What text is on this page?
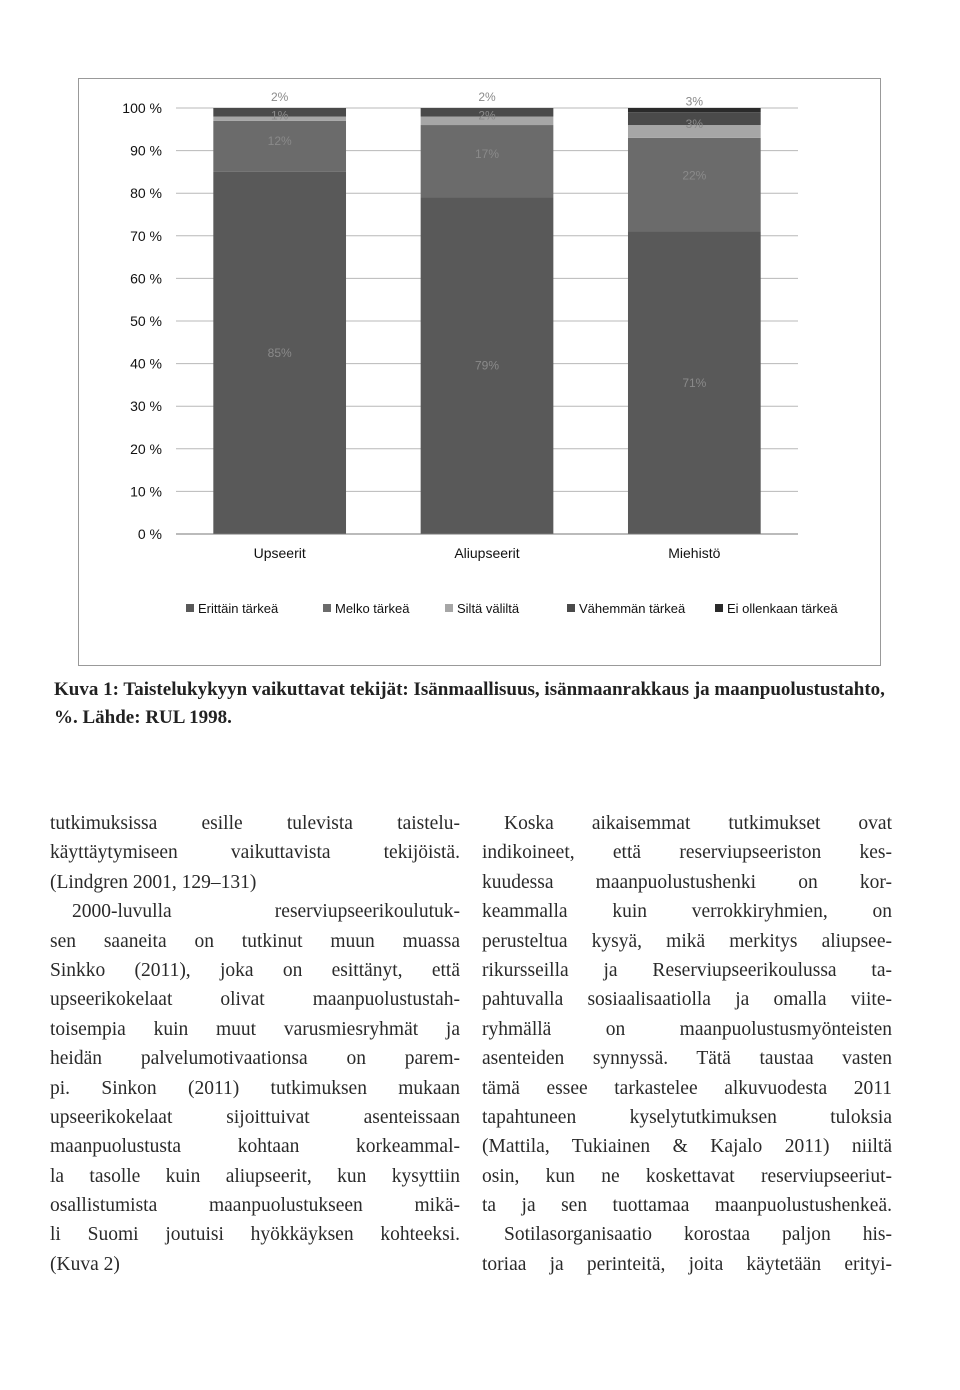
85%
12%
1%
2%
79%
17%
2%
2%
71%
22%
3%
3%
0 %
10 %
20 %
30 %
40 %
50 %
60 %
70 %
80 %
90 %
100 %
Upseerit	Aliupseerit	Miehistö
Erittäin tärkeä	Melko tärkeä	Siltä väliltä	Vähemmän tärkeä	Ei ollenkaan tärkeä

Kuva 1: Taistelukykyyn vaikuttavat tekijät: Isänmaallisuus, isänmaanrakkaus ja maanpuolustustahto, %. Lähde: RUL 1998.

tutkimuksissa esille tulevista taistelu-
käyttäytymiseen vaikuttavista tekijöistä.
(Lindgren 2001, 129–131)
2000-luvulla reserviupseerikoulutuk-
sen saaneita on tutkinut muun muassa
Sinkko (2011), joka on esittänyt, että
upseerikokelaat olivat maanpuolustustah-
toisempia kuin muut varusmiesryhmät ja
heidän palvelumotivaationsa on parem-
pi. Sinkon (2011) tutkimuksen mukaan
upseerikokelaat sijoittuivat asenteissaan
maanpuolustusta kohtaan korkeammal-
la tasolle kuin aliupseerit, kun kysyttiin
osallistumista maanpuolustukseen mikä-
li Suomi joutuisi hyökkäyksen kohteeksi.
(Kuva 2)
Koska aikaisemmat tutkimukset ovat
indikoineet, että reserviupseeriston kes-
kuudessa maanpuolustushenki on kor-
keammalla kuin verrokkiryhmien, on
perusteltua kysyä, mikä merkitys aliupsee-
rikursseilla ja Reserviupseerikoulussa ta-
pahtuvalla sosiaalisaatiolla ja omalla viite-
ryhmällä on maanpuolustusmyönteisten
asenteiden synnyssä. Tätä taustaa vasten
tämä essee tarkastelee alkuvuodesta 2011
tapahtuneen kyselytutkimuksen tuloksia
(Mattila, Tukiainen & Kajalo 2011) niiltä
osin, kun ne koskettavat reserviupseeriut-
ta ja sen tuottamaa maanpuolustushenkeä.
Sotilasorganisaatio korostaa paljon his-
toriaa ja perinteitä, joita käytetään erityi-
